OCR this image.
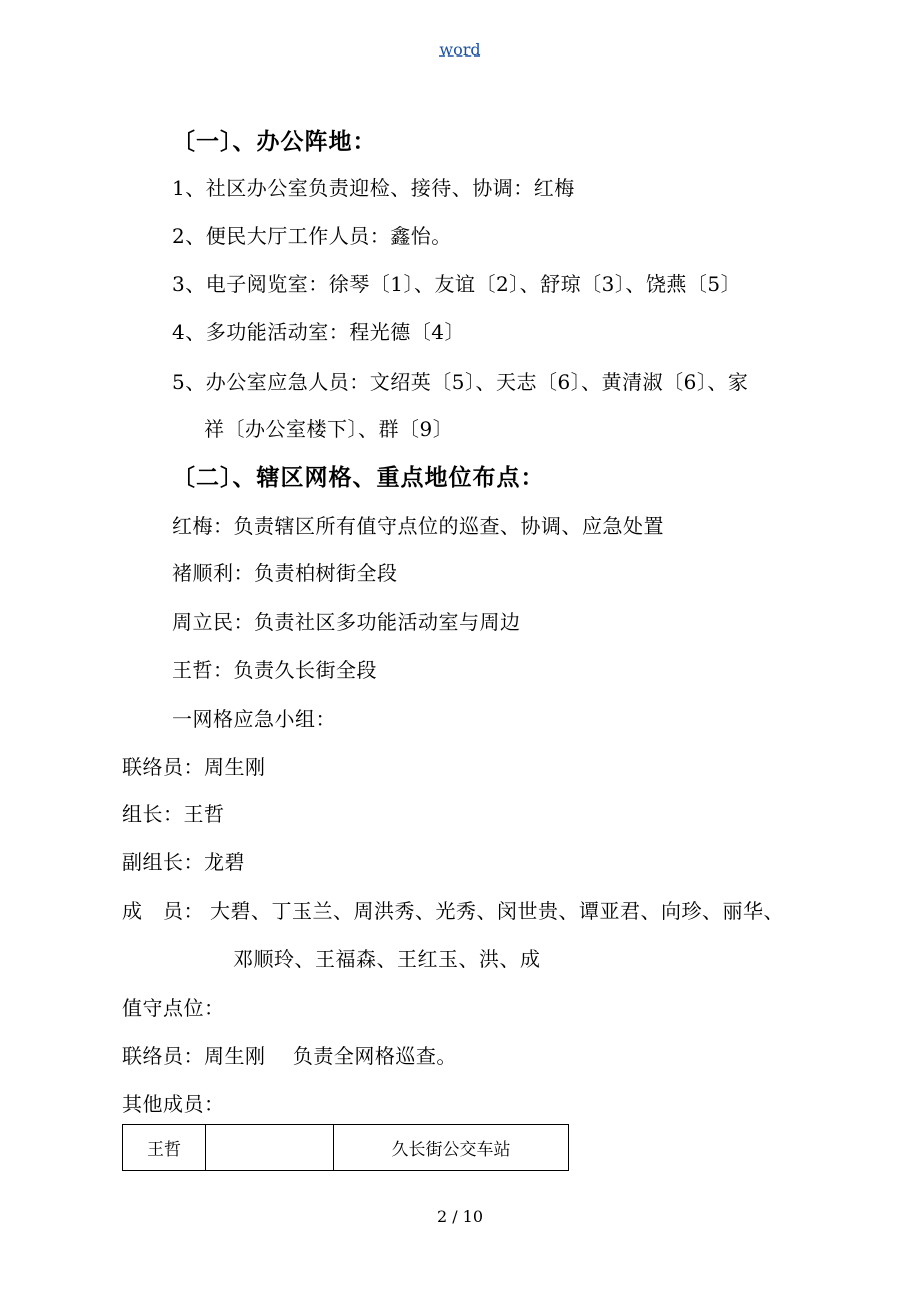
word
〔一〕、办公阵地：
1、社区办公室负责迎检、接待、协调：红梅
2、便民大厅工作人员：鑫怡。
3、电子阅览室：徐琴〔1〕、友谊〔2〕、舒琼〔3〕、饶燕〔5〕
4、多功能活动室：程光德〔4〕
5、办公室应急人员：文绍英〔5〕、天志〔6〕、黄清淑〔6〕、家
祥〔办公室楼下〕、群〔9〕
〔二〕、辖区网格、重点地位布点：
红梅：负责辖区所有值守点位的巡查、协调、应急处置
褚顺利：负责柏树街全段
周立民：负责社区多功能活动室与周边
王哲：负责久长街全段
一网格应急小组：
联络员：周生刚
组长：王哲
副组长：龙碧
成　员： 大碧、丁玉兰、周洪秀、光秀、闵世贵、谭亚君、向珍、丽华、
邓顺玲、王福森、王红玉、洪、成
值守点位：
联络员：周生刚　 负责全网格巡查。
其他成员：
王哲		久长街公交车站
2 / 10
